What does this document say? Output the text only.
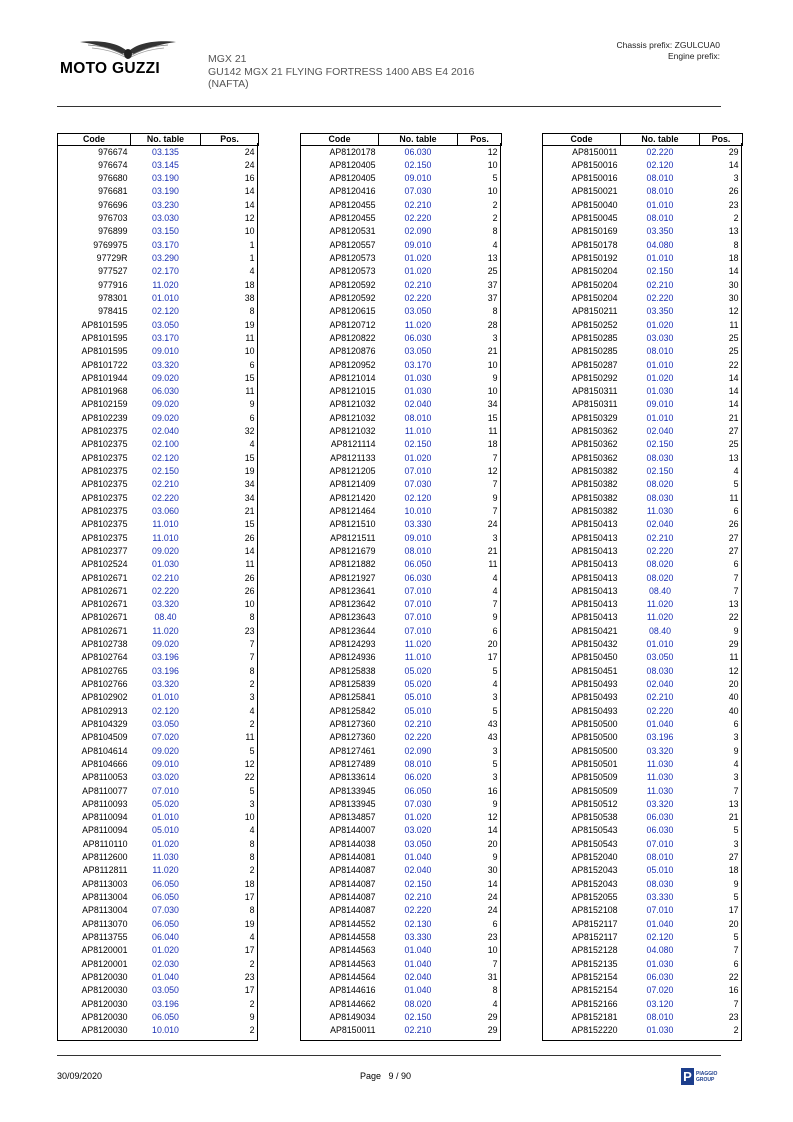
MOTO GUZZI
MGX 21
GU142 MGX 21 FLYING FORTRESS 1400 ABS E4 2016
(NAFTA)
Chassis prefix: ZGULCUA0
Engine prefix:
Code	No. table	Pos.
976674	03.135	24
976674	03.145	24
976680	03.190	16
976681	03.190	14
976696	03.230	14
976703	03.030	12
976899	03.150	10
9769975	03.170	1
97729R	03.290	1
977527	02.170	4
977916	11.020	18
978301	01.010	38
978415	02.120	8
AP8101595	03.050	19
AP8101595	03.170	11
AP8101595	09.010	10
AP8101722	03.320	6
AP8101944	09.020	15
AP8101968	06.030	11
AP8102159	09.020	9
AP8102239	09.020	6
AP8102375	02.040	32
AP8102375	02.100	4
AP8102375	02.120	15
AP8102375	02.150	19
AP8102375	02.210	34
AP8102375	02.220	34
AP8102375	03.060	21
AP8102375	11.010	15
AP8102375	11.010	26
AP8102377	09.020	14
AP8102524	01.030	11
AP8102671	02.210	26
AP8102671	02.220	26
AP8102671	03.320	10
AP8102671	08.40	8
AP8102671	11.020	23
AP8102738	09.020	7
AP8102764	03.196	7
AP8102765	03.196	8
AP8102766	03.320	2
AP8102902	01.010	3
AP8102913	02.120	4
AP8104329	03.050	2
AP8104509	07.020	11
AP8104614	09.020	5
AP8104666	09.010	12
AP8110053	03.020	22
AP8110077	07.010	5
AP8110093	05.020	3
AP8110094	01.010	10
AP8110094	05.010	4
AP8110110	01.020	8
AP8112600	11.030	8
AP8112811	11.020	2
AP8113003	06.050	18
AP8113004	06.050	17
AP8113004	07.030	8
AP8113070	06.050	19
AP8113755	06.040	4
AP8120001	01.020	17
AP8120001	02.030	2
AP8120030	01.040	23
AP8120030	03.050	17
AP8120030	03.196	2
AP8120030	06.050	9
AP8120030	10.010	2
Code	No. table	Pos.
AP8120178	06.030	12
AP8120405	02.150	10
AP8120405	09.010	5
AP8120416	07.030	10
AP8120455	02.210	2
AP8120455	02.220	2
AP8120531	02.090	8
AP8120557	09.010	4
AP8120573	01.020	13
AP8120573	01.020	25
AP8120592	02.210	37
AP8120592	02.220	37
AP8120615	03.050	8
AP8120712	11.020	28
AP8120822	06.030	3
AP8120876	03.050	21
AP8120952	03.170	10
AP8121014	01.030	9
AP8121015	01.030	10
AP8121032	02.040	34
AP8121032	08.010	15
AP8121032	11.010	11
AP8121114	02.150	18
AP8121133	01.020	7
AP8121205	07.010	12
AP8121409	07.030	7
AP8121420	02.120	9
AP8121464	10.010	7
AP8121510	03.330	24
AP8121511	09.010	3
AP8121679	08.010	21
AP8121882	06.050	11
AP8121927	06.030	4
AP8123641	07.010	4
AP8123642	07.010	7
AP8123643	07.010	9
AP8123644	07.010	6
AP8124293	11.020	20
AP8124936	11.010	17
AP8125838	05.020	5
AP8125839	05.020	4
AP8125841	05.010	3
AP8125842	05.010	5
AP8127360	02.210	43
AP8127360	02.220	43
AP8127461	02.090	3
AP8127489	08.010	5
AP8133614	06.020	3
AP8133945	06.050	16
AP8133945	07.030	9
AP8134857	01.020	12
AP8144007	03.020	14
AP8144038	03.050	20
AP8144081	01.040	9
AP8144087	02.040	30
AP8144087	02.150	14
AP8144087	02.210	24
AP8144087	02.220	24
AP8144552	02.130	6
AP8144558	03.330	23
AP8144563	01.040	10
AP8144563	01.040	7
AP8144564	02.040	31
AP8144616	01.040	8
AP8144662	08.020	4
AP8149034	02.150	29
AP8150011	02.210	29
Code	No. table	Pos.
AP8150011	02.220	29
AP8150016	02.120	14
AP8150016	08.010	3
AP8150021	08.010	26
AP8150040	01.010	23
AP8150045	08.010	2
AP8150169	03.350	13
AP8150178	04.080	8
AP8150192	01.010	18
AP8150204	02.150	14
AP8150204	02.210	30
AP8150204	02.220	30
AP8150211	03.350	12
AP8150252	01.020	11
AP8150285	03.030	25
AP8150285	08.010	25
AP8150287	01.010	22
AP8150292	01.020	14
AP8150311	01.030	14
AP8150311	09.010	14
AP8150329	01.010	21
AP8150362	02.040	27
AP8150362	02.150	25
AP8150362	08.030	13
AP8150382	02.150	4
AP8150382	08.020	5
AP8150382	08.030	11
AP8150382	11.030	6
AP8150413	02.040	26
AP8150413	02.210	27
AP8150413	02.220	27
AP8150413	08.020	6
AP8150413	08.020	7
AP8150413	08.40	7
AP8150413	11.020	13
AP8150413	11.020	22
AP8150421	08.40	9
AP8150432	01.010	29
AP8150450	03.050	11
AP8150451	08.030	12
AP8150493	02.040	20
AP8150493	02.210	40
AP8150493	02.220	40
AP8150500	01.040	6
AP8150500	03.196	3
AP8150500	03.320	9
AP8150501	11.030	4
AP8150509	11.030	3
AP8150509	11.030	7
AP8150512	03.320	13
AP8150538	06.030	21
AP8150543	06.030	5
AP8150543	07.010	3
AP8152040	08.010	27
AP8152043	05.010	18
AP8152043	08.030	9
AP8152055	03.330	5
AP8152108	07.010	17
AP8152117	01.040	20
AP8152117	02.120	5
AP8152128	04.080	7
AP8152135	01.030	6
AP8152154	06.030	22
AP8152154	07.020	16
AP8152166	03.120	7
AP8152181	08.010	23
AP8152220	01.030	2
30/09/2020	Page   9 / 90	P PIAGGIO
GROUP
